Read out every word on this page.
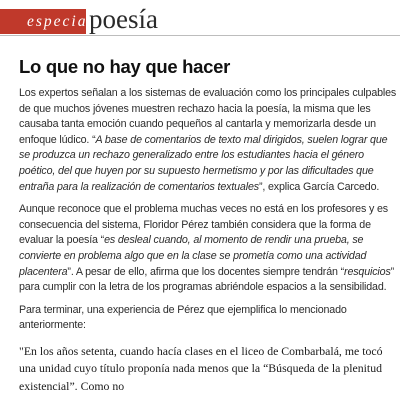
especial
poesía
Lo que no hay que hacer

Los expertos señalan a los sistemas de evaluación como los principales culpables de que muchos jóvenes muestren rechazo hacia la poesía, la misma que les causaba tanta emoción cuando pequeños al cantarla y memorizarla desde un enfoque lúdico. “A base de comentarios de texto mal dirigidos, suelen lograr que se produzca un rechazo generalizado entre los estudiantes hacia el género poético, del que huyen por su supuesto hermetismo y por las dificultades que entraña para la realización de comentarios textuales”, explica García Carcedo.

Aunque reconoce que el problema muchas veces no está en los profesores y es consecuencia del sistema, Floridor Pérez también considera que la forma de evaluar la poesía “es desleal cuando, al momento de rendir una prueba, se convierte en problema algo que en la clase se prometía como una actividad placentera”. A pesar de ello, afirma que los docentes siempre tendrán “resquicios” para cumplir con la letra de los programas abriéndole espacios a la sensibilidad.

Para terminar, una experiencia de Pérez que ejemplifica lo mencionado anteriormente:

"En los años setenta, cuando hacía clases en el liceo de Combarbalá, me tocó una unidad cuyo título proponía nada menos que la “Búsqueda de la plenitud existencial”. Como no
